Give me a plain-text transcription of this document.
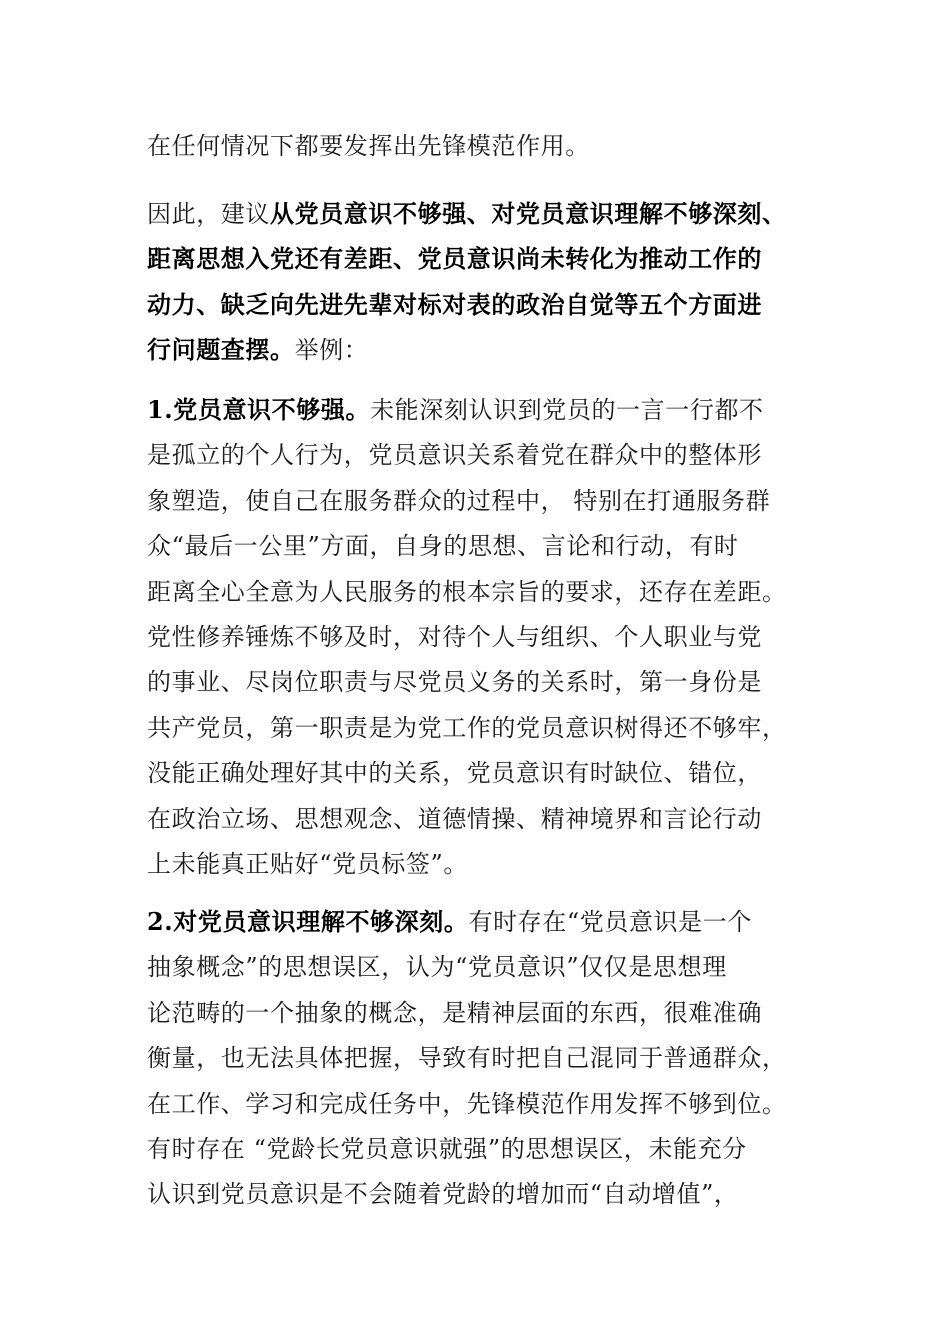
在任何情况下都要发挥出先锋模范作用。
因此，建议从党员意识不够强、对党员意识理解不够深刻、
距离思想入党还有差距、党员意识尚未转化为推动工作的
动力、缺乏向先进先辈对标对表的政治自觉等五个方面进
行问题查摆。举例：
1.党员意识不够强。未能深刻认识到党员的一言一行都不
是孤立的个人行为，党员意识关系着党在群众中的整体形
象塑造，使自己在服务群众的过程中， 特别在打通服务群
众“最后一公里”方面，自身的思想、言论和行动，有时
距离全心全意为人民服务的根本宗旨的要求，还存在差距。
党性修养锤炼不够及时，对待个人与组织、个人职业与党
的事业、尽岗位职责与尽党员义务的关系时，第一身份是
共产党员，第一职责是为党工作的党员意识树得还不够牢，
没能正确处理好其中的关系，党员意识有时缺位、错位，
在政治立场、思想观念、道德情操、精神境界和言论行动
上未能真正贴好“党员标签”。
2.对党员意识理解不够深刻。有时存在“党员意识是一个
抽象概念”的思想误区，认为“党员意识”仅仅是思想理
论范畴的一个抽象的概念，是精神层面的东西，很难准确
衡量，也无法具体把握，导致有时把自己混同于普通群众，
在工作、学习和完成任务中，先锋模范作用发挥不够到位。
有时存在 “党龄长党员意识就强”的思想误区，未能充分
认识到党员意识是不会随着党龄的增加而“自动增值”，
